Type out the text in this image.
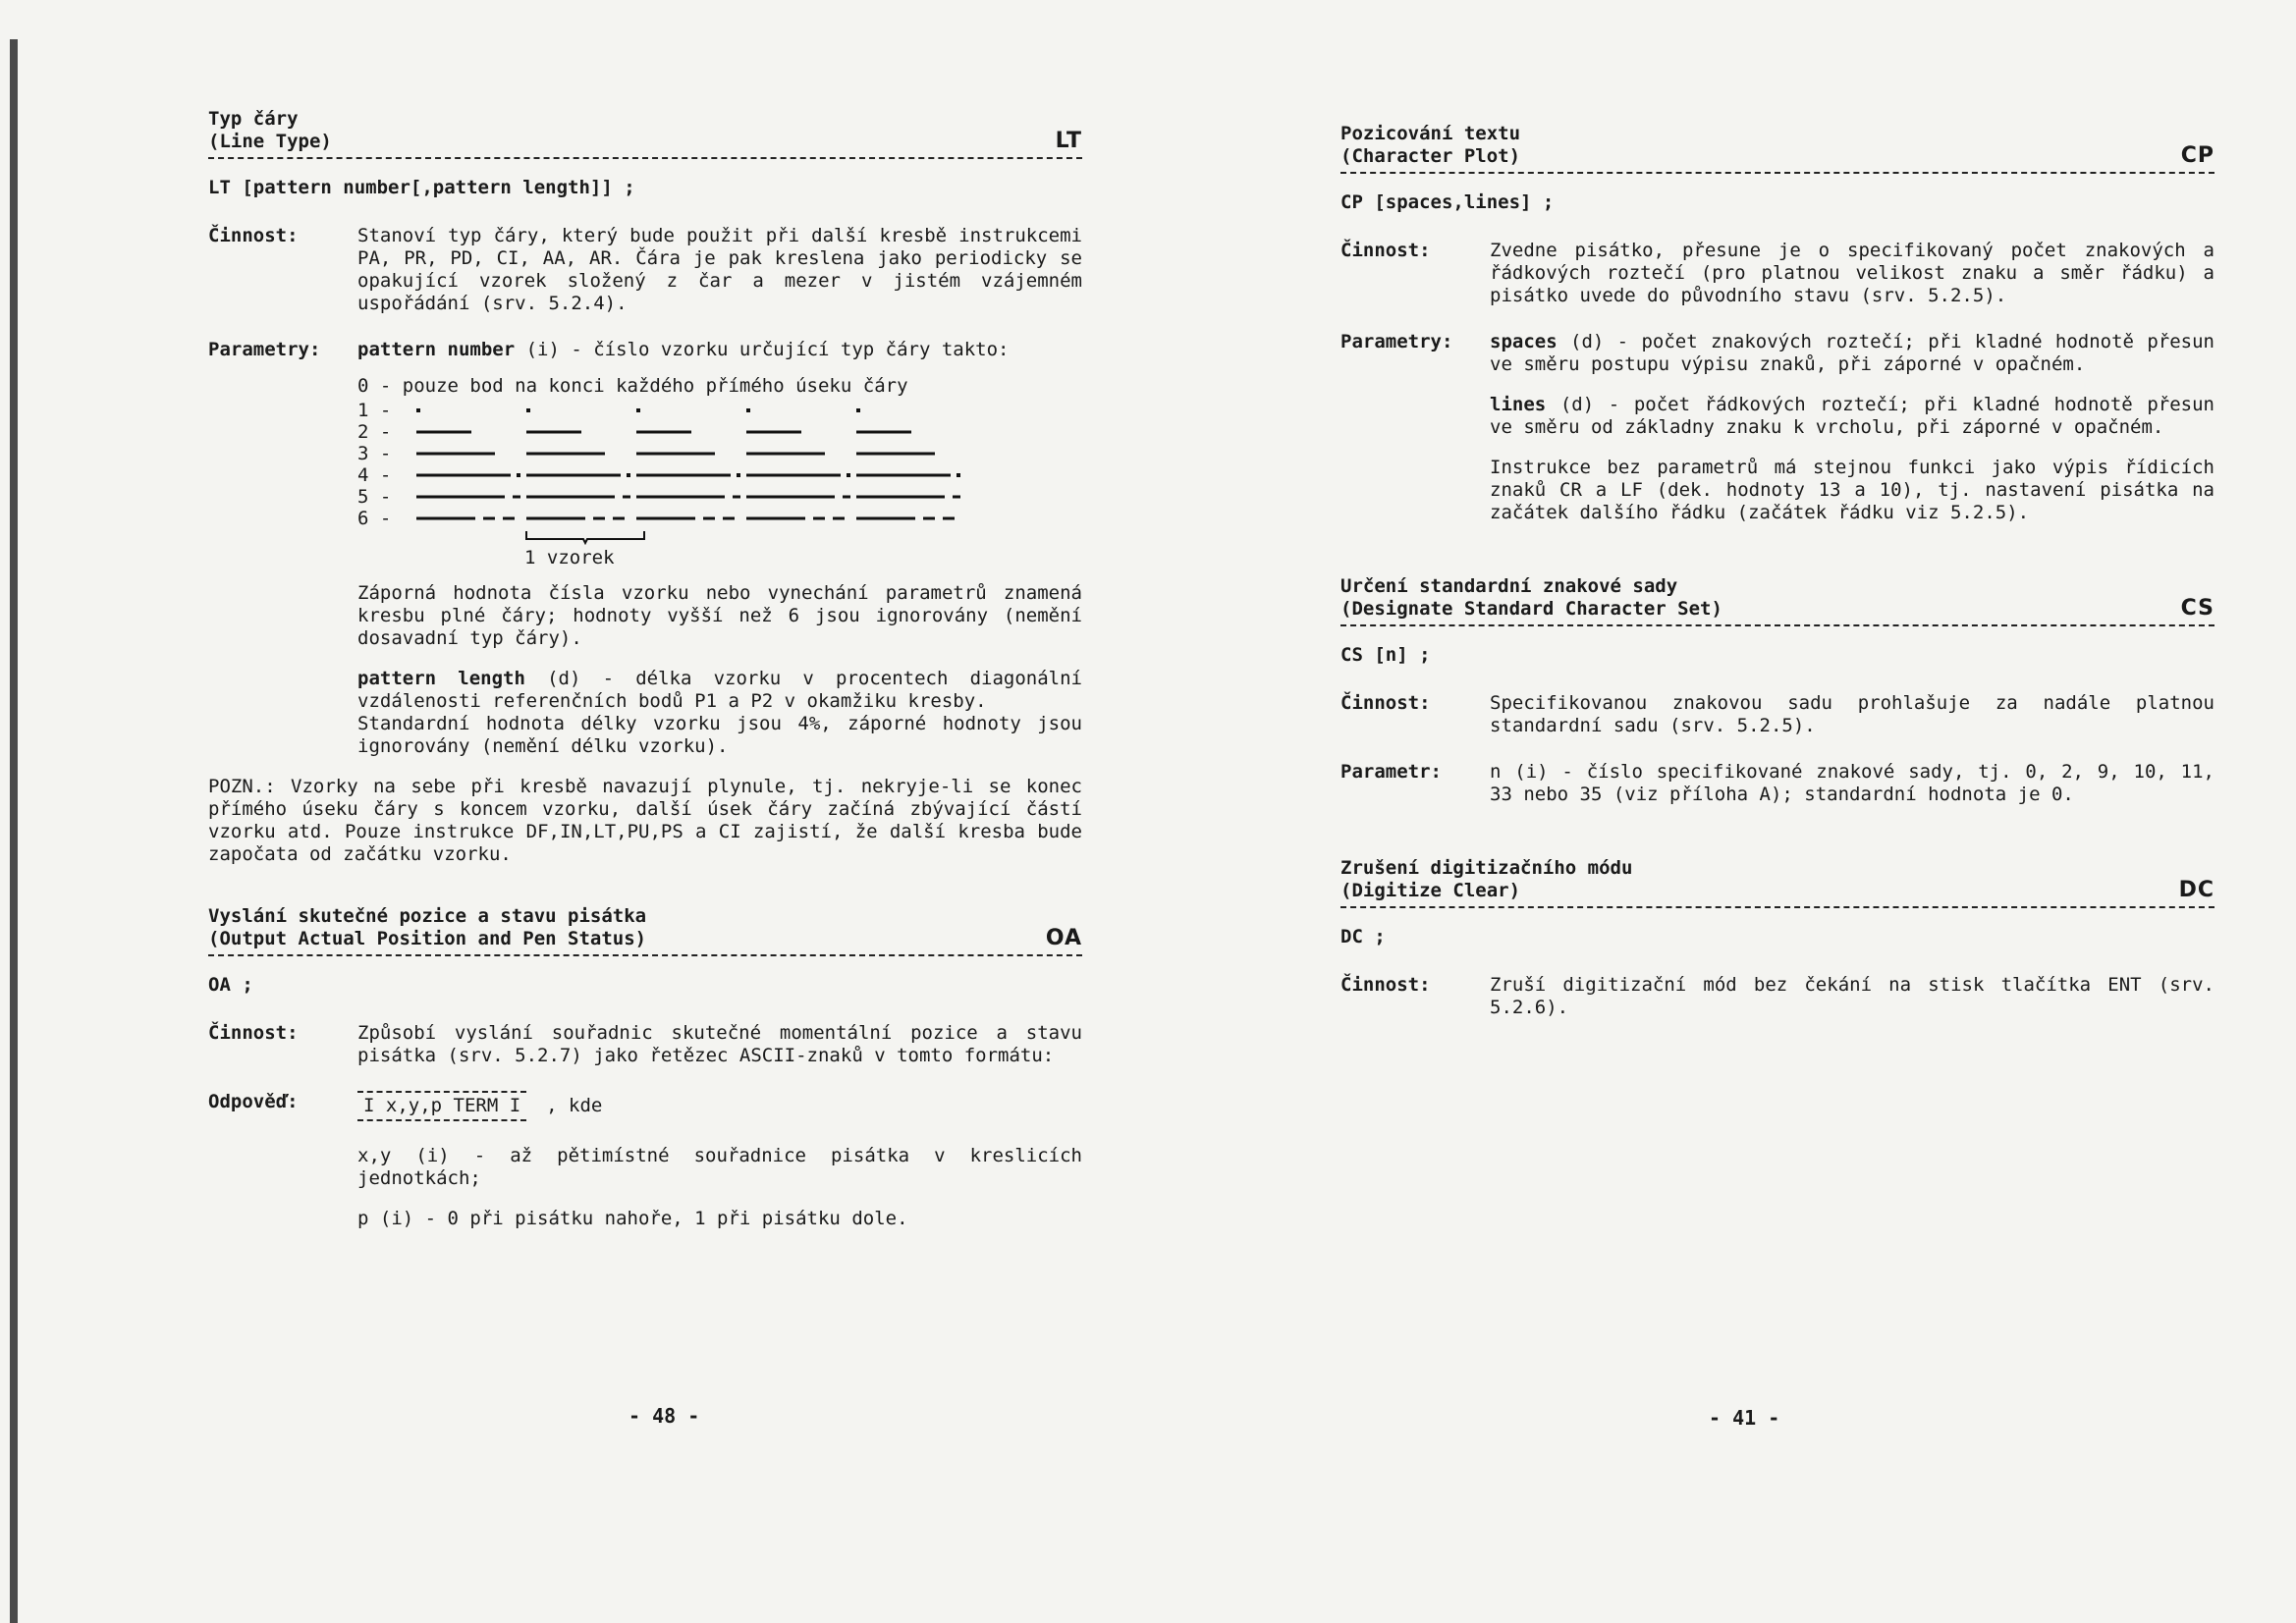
Typ čáry
(Line Type)	LT
LT [pattern number[,pattern length]] ;
Činnost:	Stanoví typ čáry, který bude použit při další kresbě instrukcemi PA, PR, PD, CI, AA, AR. Čára je pak kreslena jako periodicky se opakující vzorek složený z čar a mezer v jistém vzájemném uspořádání (srv. 5.2.4).
Parametry:	pattern number (i) - číslo vzorku určující typ čáry takto:
0 - pouze bod na konci každého přímého úseku čáry
1 -
2 -
3 -
4 -
5 -
6 -
1 vzorek
Záporná hodnota čísla vzorku nebo vynechání parametrů znamená kresbu plné čáry; hodnoty vyšší než 6 jsou ignorovány (nemění dosavadní typ čáry).
pattern length (d) - délka vzorku v procentech diagonální vzdálenosti referenčních bodů P1 a P2 v okamžiku kresby.
Standardní hodnota délky vzorku jsou 4%, záporné hodnoty jsou ignorovány (nemění délku vzorku).
POZN.: Vzorky na sebe při kresbě navazují plynule, tj. nekryje-li se konec přímého úseku čáry s koncem vzorku, další úsek čáry začíná zbývající částí vzorku atd. Pouze instrukce DF,IN,LT,PU,PS a CI zajistí, že další kresba bude započata od začátku vzorku.
Vyslání skutečné pozice a stavu pisátka
(Output Actual Position and Pen Status)	OA
OA ;
Činnost:	Způsobí vyslání souřadnic skutečné momentální pozice a stavu pisátka (srv. 5.2.7) jako řetězec ASCII-znaků v tomto formátu:
Odpověď:	I x,y,p TERM I , kde
x,y (i) - až pětimístné souřadnice pisátka v kreslicích jednotkách;
p (i) - 0 při pisátku nahoře, 1 při pisátku dole.
- 48 -
Pozicování textu
(Character Plot)	CP
CP [spaces,lines] ;
Činnost:	Zvedne pisátko, přesune je o specifikovaný počet znakových a řádkových roztečí (pro platnou velikost znaku a směr řádku) a pisátko uvede do původního stavu (srv. 5.2.5).
Parametry:	spaces (d) - počet znakových roztečí; při kladné hodnotě přesun ve směru postupu výpisu znaků, při záporné v opačném.
lines (d) - počet řádkových roztečí; při kladné hodnotě přesun ve směru od základny znaku k vrcholu, při záporné v opačném.
Instrukce bez parametrů má stejnou funkci jako výpis řídicích znaků CR a LF (dek. hodnoty 13 a 10), tj. nastavení pisátka na začátek dalšího řádku (začátek řádku viz 5.2.5).
Určení standardní znakové sady
(Designate Standard Character Set)	CS
CS [n] ;
Činnost:	Specifikovanou znakovou sadu prohlašuje za nadále platnou standardní sadu (srv. 5.2.5).
Parametr:	n (i) - číslo specifikované znakové sady, tj. 0, 2, 9, 10, 11, 33 nebo 35 (viz příloha A); standardní hodnota je 0.
Zrušení digitizačního módu
(Digitize Clear)	DC
DC ;
Činnost:	Zruší digitizační mód bez čekání na stisk tlačítka ENT (srv. 5.2.6).
- 41 -
